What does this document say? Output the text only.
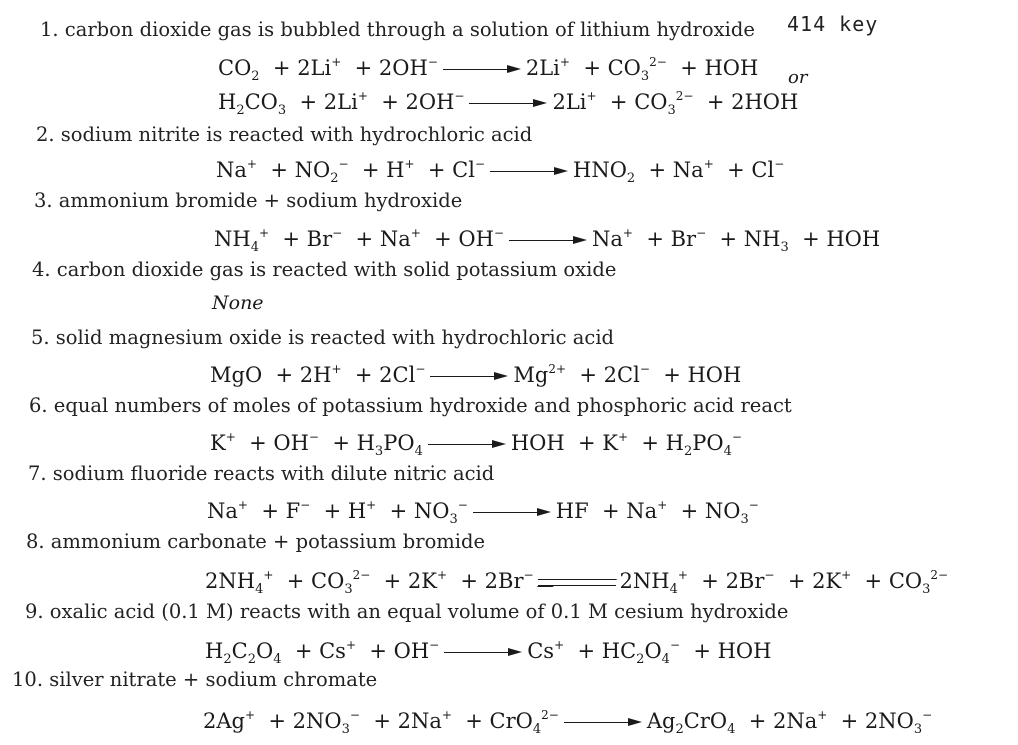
414 key
1. carbon dioxide gas is bubbled through a solution of lithium hydroxide
$CO_2 + 2Li^+ + 2OH^-$	$2Li^+ + CO_3^{2-}$  + HOH or
$H_2CO_3 + 2Li^+ + 2OH^-$	$2Li^+ + CO_3^{2-} + 2HOH$
2. sodium nitrite is reacted with hydrochloric acid
$Na^+ + NO_2^- + H^+ + Cl^-$	$HNO_2 + Na^+ + Cl^-$
3. ammonium bromide + sodium hydroxide
$NH_4^+ + Br^- + Na^+ + OH^-$	$Na^+ + Br^- + NH_3$  + HOH
4. carbon dioxide gas is reacted with solid potassium oxide
None
5. solid magnesium oxide is reacted with hydrochloric acid
MgO  + 2H+  + 2Cl−	$Mg^{2+} + 2Cl^-$  + HOH
6. equal numbers of moles of potassium hydroxide and phosphoric acid react
$K^+ + OH^- + H_3PO_4$	HOH  + $K^+ + H_2PO_4^-$
7. sodium fluoride reacts with dilute nitric acid
$Na^+ + F^- + H^+ + NO_3^-$	HF  + $Na^+ + NO_3^-$
8. ammonium carbonate + potassium bromide
$2NH_4^+ + CO_3^{2-} + 2K^+ + 2Br^-$	$2NH_4^+ + 2Br^- + 2K^+ + CO_3^{2-}$
9. oxalic acid (0.1 M) reacts with an equal volume of 0.1 M cesium hydroxide
$H_2C_2O_4 + Cs^+ + OH^-$	$Cs^+ + HC_2O_4^-$  + HOH
10. silver nitrate + sodium chromate
$2Ag^+ + 2NO_3^- + 2Na^+ + CrO_4^{2-}$	$Ag_2CrO_4 + 2Na^+ + 2NO_3^-$
